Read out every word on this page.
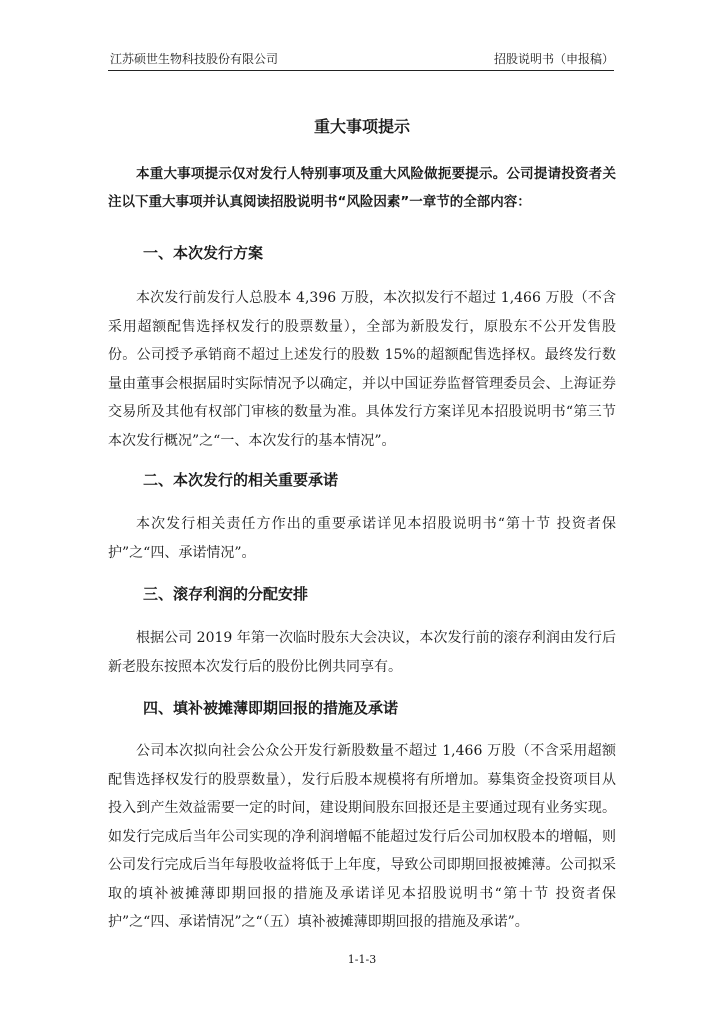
江苏硕世生物科技股份有限公司	招股说明书（申报稿）
重大事项提示
本重大事项提示仅对发行人特别事项及重大风险做扼要提示。公司提请投资者关注以下重大事项并认真阅读招股说明书“风险因素”一章节的全部内容：
一、本次发行方案
本次发行前发行人总股本 4,396 万股，本次拟发行不超过 1,466 万股（不含采用超额配售选择权发行的股票数量），全部为新股发行，原股东不公开发售股份。公司授予承销商不超过上述发行的股数 15%的超额配售选择权。最终发行数量由董事会根据届时实际情况予以确定，并以中国证券监督管理委员会、上海证券交易所及其他有权部门审核的数量为准。具体发行方案详见本招股说明书“第三节 本次发行概况”之“一、本次发行的基本情况”。
二、本次发行的相关重要承诺
本次发行相关责任方作出的重要承诺详见本招股说明书“第十节 投资者保护”之“四、承诺情况”。
三、滚存利润的分配安排
根据公司 2019 年第一次临时股东大会决议，本次发行前的滚存利润由发行后新老股东按照本次发行后的股份比例共同享有。
四、填补被摊薄即期回报的措施及承诺
公司本次拟向社会公众公开发行新股数量不超过 1,466 万股（不含采用超额配售选择权发行的股票数量），发行后股本规模将有所增加。募集资金投资项目从投入到产生效益需要一定的时间，建设期间股东回报还是主要通过现有业务实现。如发行完成后当年公司实现的净利润增幅不能超过发行后公司加权股本的增幅，则公司发行完成后当年每股收益将低于上年度，导致公司即期回报被摊薄。公司拟采取的填补被摊薄即期回报的措施及承诺详见本招股说明书“第十节 投资者保护”之“四、承诺情况”之“（五）填补被摊薄即期回报的措施及承诺”。
1-1-3
